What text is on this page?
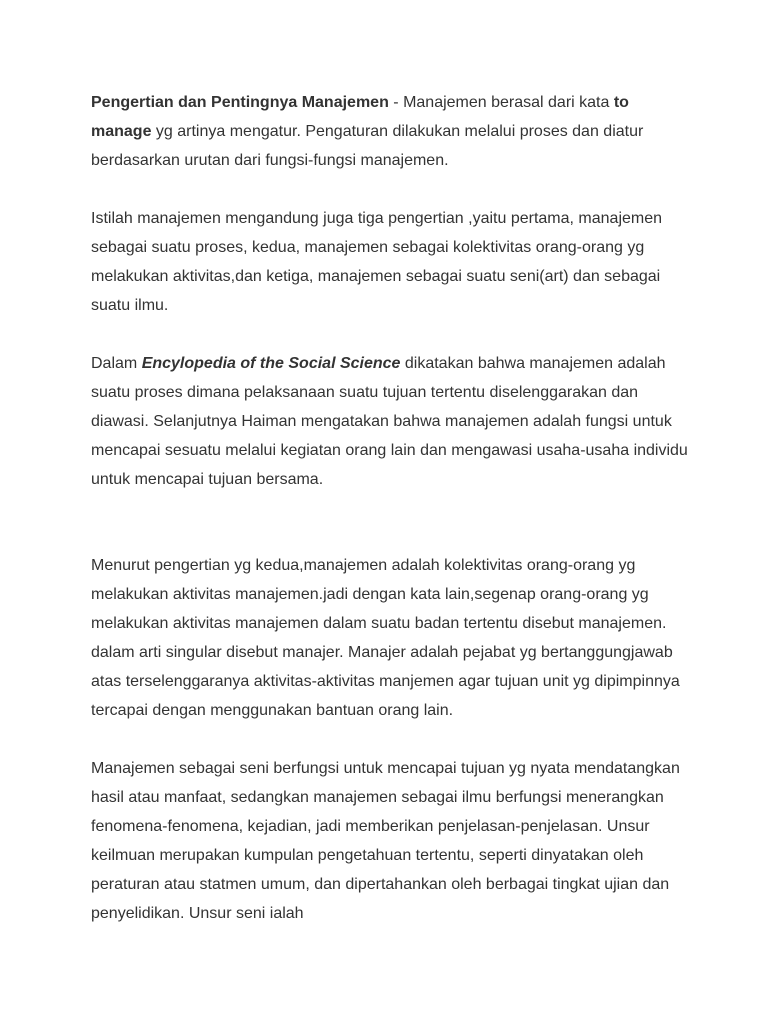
Pengertian dan Pentingnya Manajemen - Manajemen berasal dari kata to manage yg artinya mengatur. Pengaturan dilakukan melalui proses dan diatur berdasarkan urutan dari fungsi-fungsi manajemen.

Istilah manajemen mengandung juga tiga pengertian ,yaitu pertama, manajemen sebagai suatu proses, kedua, manajemen sebagai kolektivitas orang-orang yg melakukan aktivitas,dan ketiga, manajemen sebagai suatu seni(art) dan sebagai suatu ilmu.

Dalam Encylopedia of the Social Science dikatakan bahwa manajemen adalah suatu proses dimana pelaksanaan suatu tujuan tertentu diselenggarakan dan diawasi. Selanjutnya Haiman mengatakan bahwa manajemen adalah fungsi untuk mencapai sesuatu melalui kegiatan orang lain dan mengawasi usaha-usaha individu untuk mencapai tujuan bersama.

Menurut pengertian yg kedua,manajemen adalah kolektivitas orang-orang yg melakukan aktivitas manajemen.jadi dengan kata lain,segenap orang-orang yg melakukan aktivitas manajemen dalam suatu badan tertentu disebut manajemen. dalam arti singular disebut manajer. Manajer adalah pejabat yg bertanggungjawab atas terselenggaranya aktivitas-aktivitas manjemen agar tujuan unit yg dipimpinnya tercapai dengan menggunakan bantuan orang lain.

Manajemen sebagai seni berfungsi untuk mencapai tujuan yg nyata mendatangkan hasil atau manfaat, sedangkan manajemen sebagai ilmu berfungsi menerangkan fenomena-fenomena, kejadian, jadi memberikan penjelasan-penjelasan. Unsur keilmuan merupakan kumpulan pengetahuan tertentu, seperti dinyatakan oleh peraturan atau statmen umum, dan dipertahankan oleh berbagai tingkat ujian dan penyelidikan. Unsur seni ialah
